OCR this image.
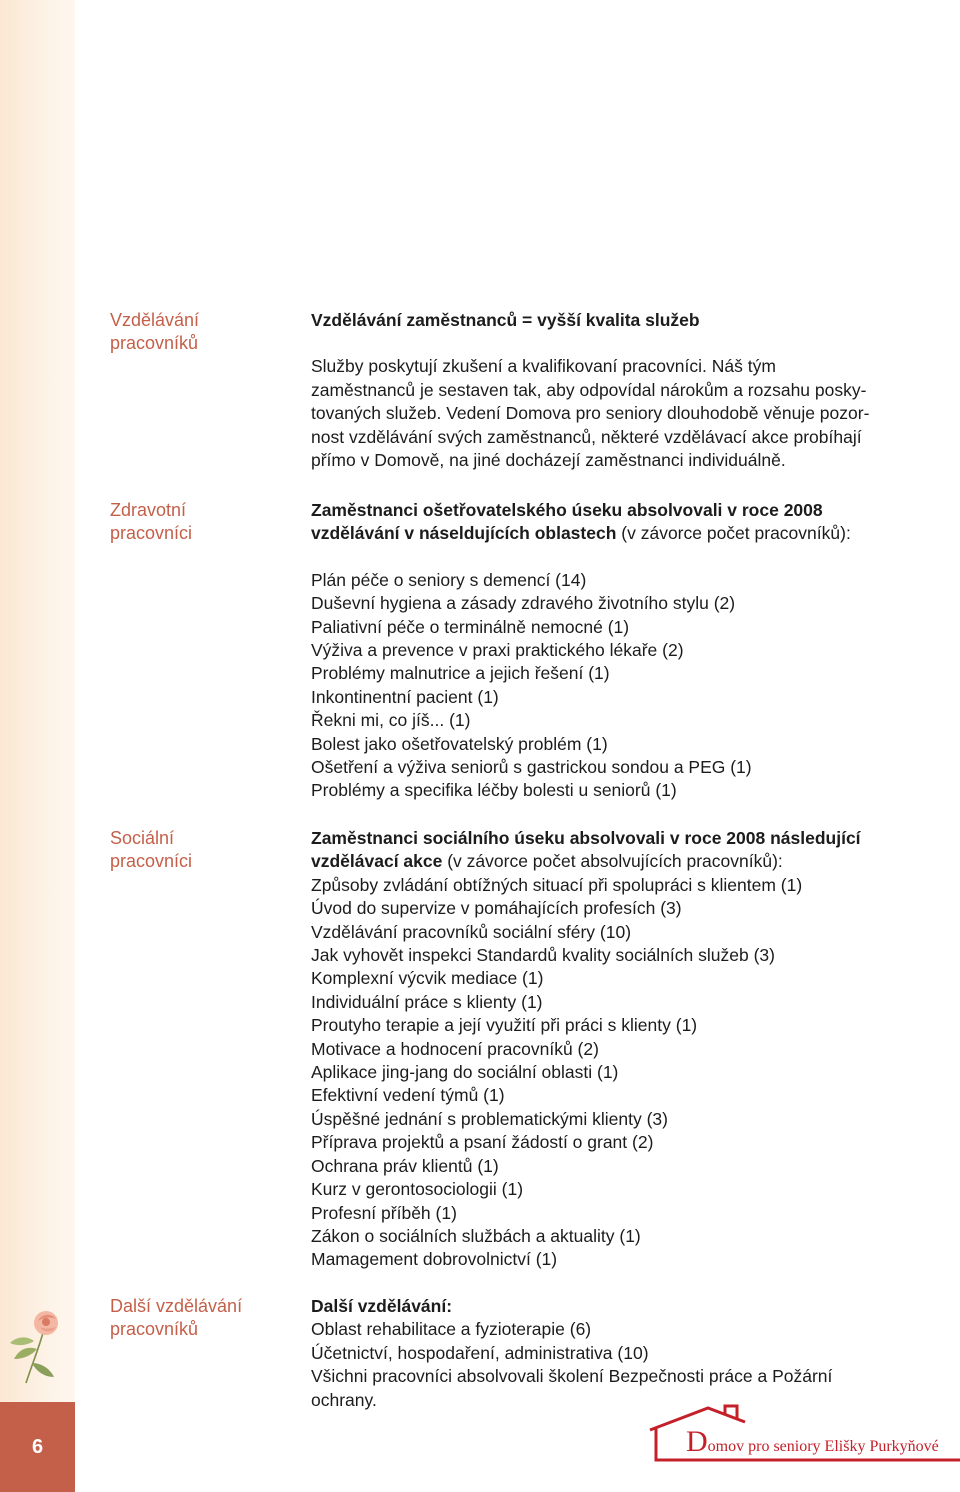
6
Vzdělávání
pracovníků

Vzdělávání zaměstnanců = vyšší kvalita služeb

Služby poskytují zkušení a kvalifikovaní pracovníci. Náš tým

zaměstnanců je sestaven tak, aby odpovídal nárokům a rozsahu posky-

tovaných služeb. Vedení Domova pro seniory dlouhodobě věnuje pozor-

nost vzdělávání svých zaměstnanců, některé vzdělávací akce probíhají

přímo v Domově, na jiné docházejí zaměstnanci individuálně.

Zdravotní
pracovníci

Zaměstnanci ošetřovatelského úseku absolvovali v roce 2008

vzdělávání v náseldujících oblastech (v závorce počet pracovníků):

Plán péče o seniory s demencí (14)
Duševní hygiena a zásady zdravého životního stylu (2)
Paliativní péče o terminálně nemocné (1)
Výživa a prevence v praxi praktického lékaře (2)
Problémy malnutrice a jejich řešení (1)
Inkontinentní pacient (1)
Řekni mi, co jíš... (1)
Bolest jako ošetřovatelský problém (1)
Ošetření a výživa seniorů s gastrickou sondou a PEG (1)
Problémy a specifika léčby bolesti u seniorů (1)
Sociální
pracovníci

Zaměstnanci sociálního úseku absolvovali v roce 2008 následující

vzdělávací akce (v závorce počet absolvujících pracovníků):

Způsoby zvládání obtížných situací při spolupráci s klientem (1)
Úvod do supervize v pomáhajících profesích (3)
Vzdělávání pracovníků sociální sféry (10)
Jak vyhovět inspekci Standardů kvality sociálních služeb (3)
Komplexní výcvik mediace (1)
Individuální práce s klienty (1)
Proutyho terapie a její využití při práci s klienty (1)
Motivace a hodnocení pracovníků (2)
Aplikace jing-jang do sociální oblasti (1)
Efektivní vedení týmů (1)
Úspěšné jednání s problematickými klienty (3)
Příprava projektů a psaní žádostí o grant (2)
Ochrana práv klientů (1)
Kurz v gerontosociologii (1)
Profesní příběh (1)
Zákon o sociálních službách a aktuality (1)
Mamagement dobrovolnictví (1)
Další vzdělávání
pracovníků

Další vzdělávání:

Oblast rehabilitace a fyzioterapie (6)
Účetnictví, hospodaření, administrativa (10)
Všichni pracovníci absolvovali školení Bezpečnosti práce a Požární
ochrany.
Domov pro seniory Elišky Purkyňové
